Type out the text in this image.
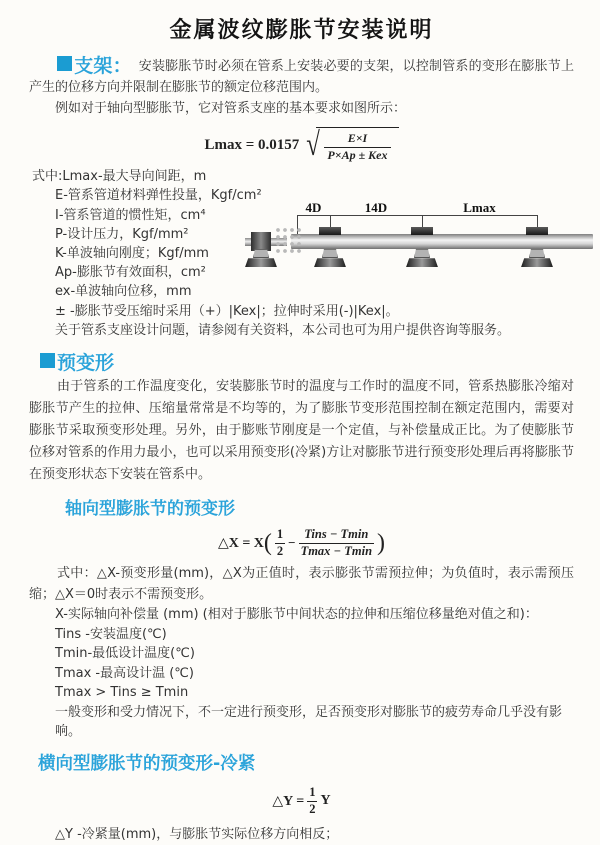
金属波纹膨胀节安装说明

支架： 安装膨胀节时必须在管系上安装必要的支架，以控制管系的变形在膨胀节上产生的位移方向并限制在膨胀节的额定位移范围内。

例如对于轴向型膨胀节，它对管系支座的基本要求如图所示：

Lmax = 0.0157 √ $\frac{E\times I}{\text{P×Ap ± Kex}}$

式中:Lmax-最大导向间距，m

E-管系管道材料弹性投量，Kgf/cm²

I-管系管道的惯性矩，cm⁴

P-设计压力，Kgf/mm²

K-单波轴向刚度；Kgf/mm

Ap-膨胀节有效面积，cm²

ex-单波轴向位移，mm

± -膨胀节受压缩时采用（+）|Kex|；拉伸时采用(-)|Kex|。

关于管系支座设计问题，请参阅有关资料，本公司也可为用户提供咨询等服务。

4D	14D	Lmax
预变形

由于管系的工作温度变化，安装膨胀节时的温度与工作时的温度不同，管系热膨胀冷缩对膨胀节产生的拉伸、压缩量常常是不均等的，为了膨胀节变形范围控制在额定范围内，需要对膨胀节采取预变形处理。另外，由于膨账节刚度是一个定值，与补偿量成正比。为了使膨胀节位移对管系的作用力最小，也可以采用预变形(冷紧)方让对膨胀节进行预变形处理后再将膨胀节在预变形状态下安装在管系中。

轴向型膨胀节的预变形
△X = X ( $\frac{1}{2}$ −
Tins − Tmin
Tmax − Tmin )

式中：△X-预变形量(mm)，△X为正值时，表示膨张节需预拉伸；为负值时，表示需预压缩；△X＝0时表示不需预变形。

X-实际轴向补偿量 (mm) (相对于膨胀节中间状态的拉伸和压缩位移量绝对值之和)：

Tins -安装温度(℃)

Tmin-最低设计温度(℃)

Tmax -最高设计温 (℃)

Tmax > Tins ≥ Tmin

一般变形和受力情况下，不一定进行预变形，足否预变形对膨胀节的疲劳寿命几乎没有影响。

横向型膨胀节的预变形-冷紧
△Y = $\frac{1}{2}$ Y

△Y -冷紧量(mm)，与膨胀节实际位移方向相反；
